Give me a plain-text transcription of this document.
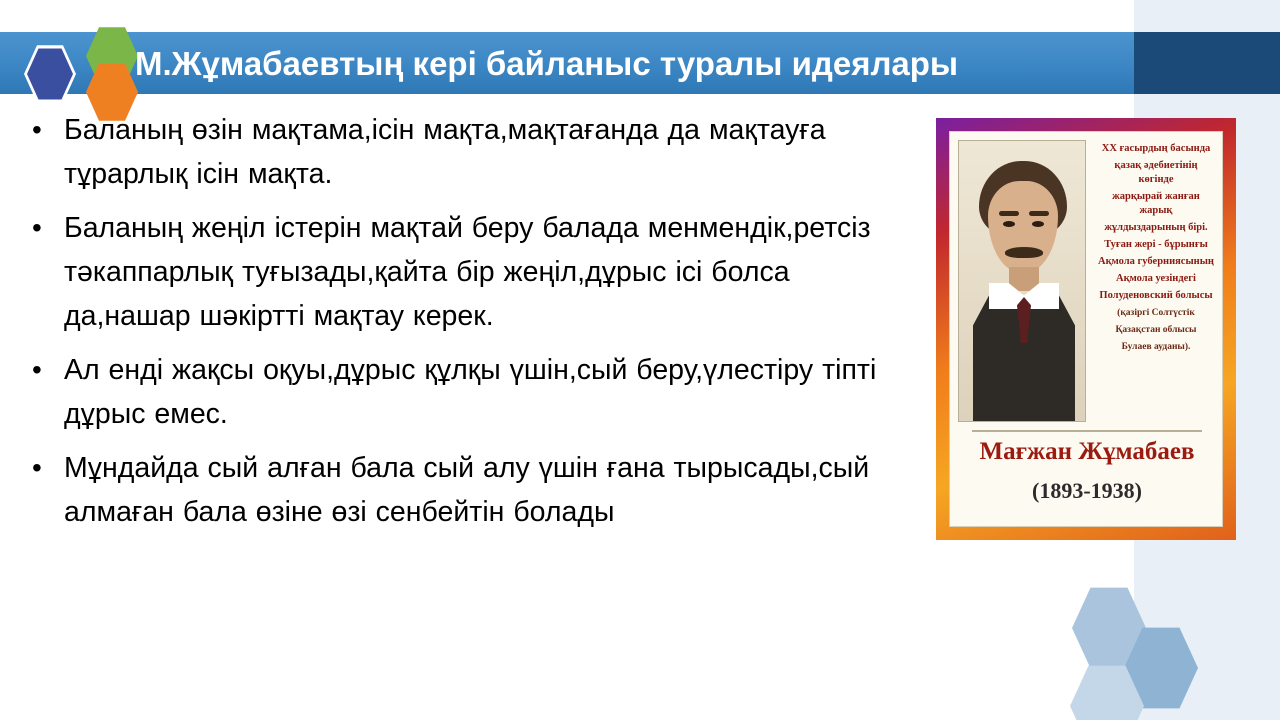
М.Жұмабаевтың кері байланыс туралы идеялары
• Баланың өзін мақтама,ісін мақта,мақтағанда да мақтауға тұрарлық ісін мақта.
• Баланың жеңіл істерін мақтай беру балада менмендік,ретсіз тәкаппарлық туғызады,қайта бір жеңіл,дұрыс ісі болса да,нашар шәкіртті мақтау керек.
• Ал енді жақсы оқуы,дұрыс құлқы үшін,сый беру,үлестіру тіпті дұрыс емес.
• Мұндайда сый алған бала сый алу үшін ғана тырысады,сый алмаған бала өзіне өзі сенбейтін болады

ХХ ғасырдың басында

қазақ әдебиетінің көгінде

жарқырай жанған жарық

жұлдыздарының бірі.

Туған жері - бұрынғы

Ақмола губерниясының

Ақмола уезіндегі

Полуденовский болысы

(қазіргі Солтүстік

Қазақстан облысы

Булаев ауданы).

Мағжан Жұмабаев
(1893-1938)
